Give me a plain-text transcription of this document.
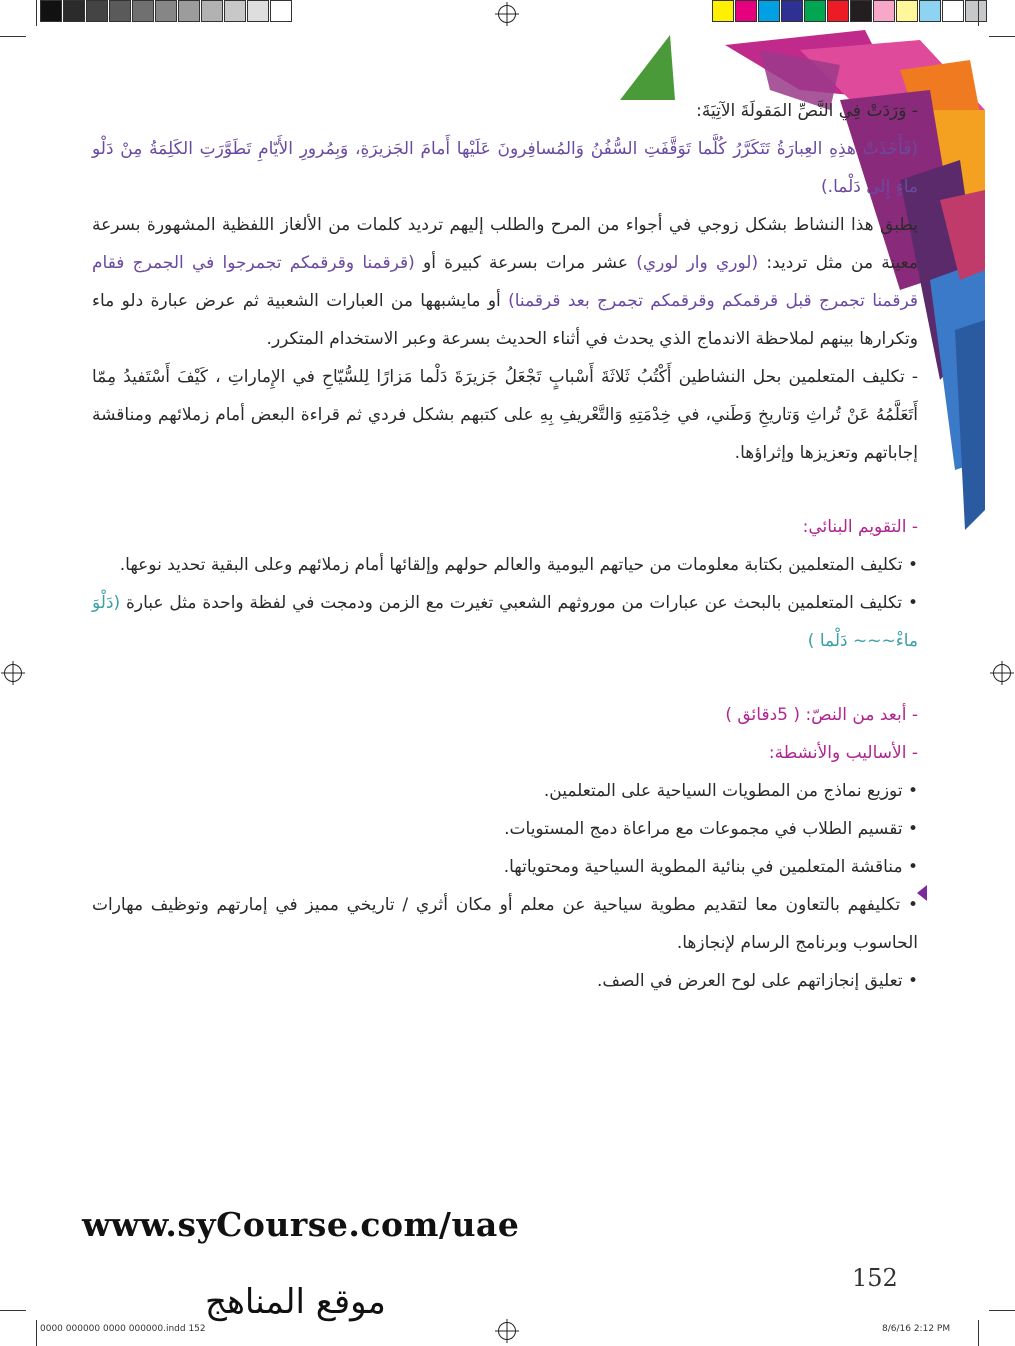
- وَرَدَتْ فِي النَّصِّ المَقولَةَ الآتِيَةَ:

(فَأَخَذَتْ هذِهِ العِبارَةُ تَتَكَرَّرُ كُلَّما تَوَقَّفَتِ السُّفُنُ وَالمُسافِرونَ عَلَيْها أَمامَ الجَزيرَةِ، وَبِمُرورِ الأَيّامِ تَطَوَّرَتِ الكَلِمَةُ مِنْ دَلْو ماءٍ إِلى دَلْما.)

يطبق هذا النشاط بشكل زوجي في أجواء من المرح والطلب إليهم ترديد كلمات من الألغاز اللفظية المشهورة بسرعة معينة من مثل ترديد: (لوري وار لوري) عشر مرات بسرعة كبيرة أو (قرقمنا وقرقمكم تجمرجوا في الجمرج فقام قرقمنا تجمرج قبل قرقمكم وقرقمكم تجمرج بعد قرقمنا) أو مايشبهها من العبارات الشعبية ثم عرض عبارة دلو ماء وتكرارها بينهم لملاحظة الاندماج الذي يحدث في أثناء الحديث بسرعة وعبر الاستخدام المتكرر.

- تكليف المتعلمين بحل النشاطين أَكْتُبُ ثَلاثَةَ أَسْبابٍ تَجْعَلُ جَزيرَةَ دَلْما مَزارًا لِلسُّيّاحِ في الإِماراتِ ، كَيْفَ أَسْتَفيدُ مِمّا أَتَعَلَّمُهُ عَنْ تُراثِ وَتاريخِ وَطَني، في خِدْمَتِهِ وَالتَّعْريفِ بِهِ على كتبهم بشكل فردي ثم قراءة البعض أمام زملائهم ومناقشة إجاباتهم وتعزيزها وإثراؤها.

- التقويم البنائي:

• تكليف المتعلمين بكتابة معلومات من حياتهم اليومية والعالم حولهم وإلقائها أمام زملائهم وعلى البقية تحديد نوعها.

• تكليف المتعلمين بالبحث عن عبارات من موروثهم الشعبي تغيرت مع الزمن ودمجت في لفظة واحدة مثل عبارة (دَلْوَ ماءْ~~~ دَلْما )

- أبعد من النصّ: ( 5دقائق )

- الأساليب والأنشطة:

• توزيع نماذج من المطويات السياحية على المتعلمين.

• تقسيم الطلاب في مجموعات مع مراعاة دمج المستويات.

• مناقشة المتعلمين في بنائية المطوية السياحية ومحتوياتها.

• تكليفهم بالتعاون معا لتقديم مطوية سياحية عن معلم أو مكان أثري / تاريخي مميز في إمارتهم وتوظيف مهارات الحاسوب وبرنامج الرسام لإنجازها.

• تعليق إنجازاتهم على لوح العرض في الصف.

www.syCourse.com/uae
152
موقع المناهج
0000 000000 0000 000000.indd 152	8/6/16 2:12 PM
